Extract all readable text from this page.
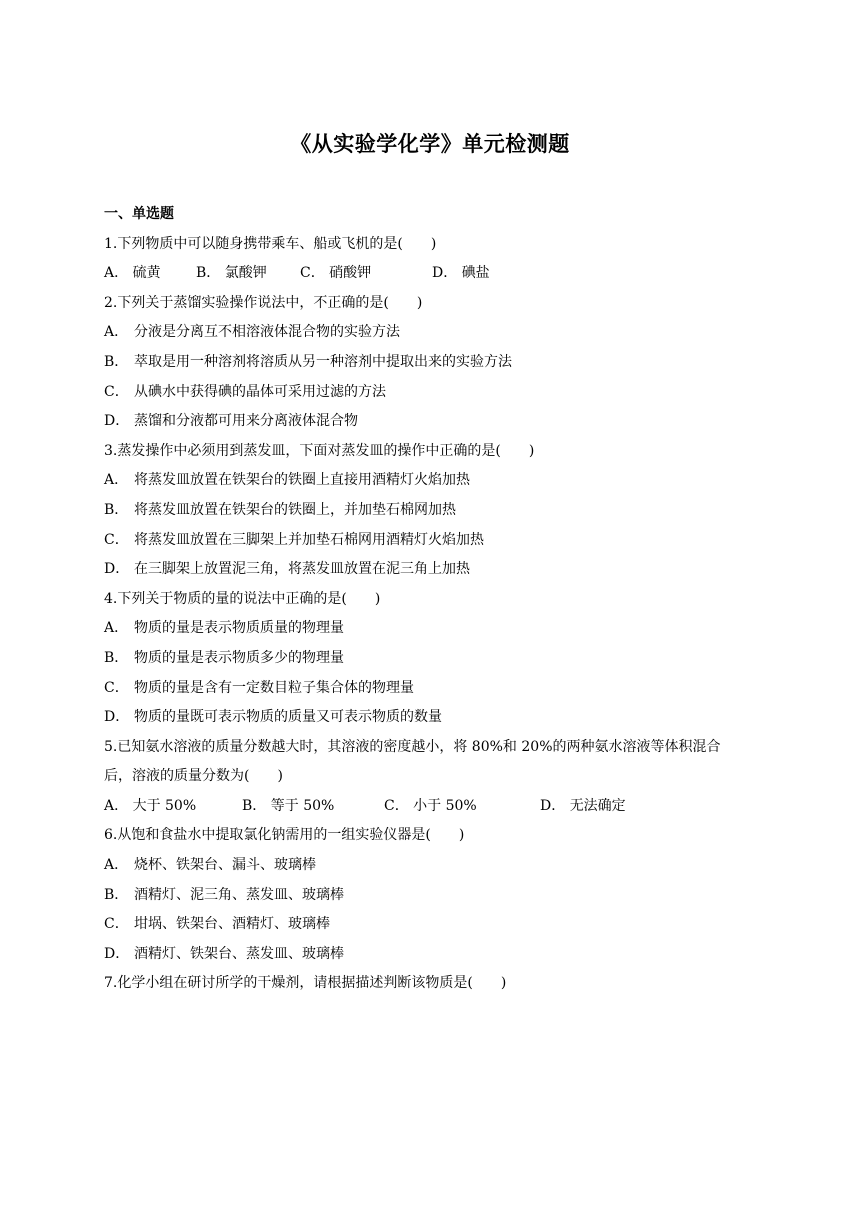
《从实验学化学》单元检测题
一、单选题
1.下列物质中可以随身携带乘车、船或飞机的是(　　)
A． 硫黄	B． 氯酸钾	C． 硝酸钾	D． 碘盐
2.下列关于蒸馏实验操作说法中，不正确的是(　　)
A． 分液是分离互不相溶液体混合物的实验方法
B． 萃取是用一种溶剂将溶质从另一种溶剂中提取出来的实验方法
C． 从碘水中获得碘的晶体可采用过滤的方法
D． 蒸馏和分液都可用来分离液体混合物
3.蒸发操作中必须用到蒸发皿，下面对蒸发皿的操作中正确的是(　　)
A． 将蒸发皿放置在铁架台的铁圈上直接用酒精灯火焰加热
B． 将蒸发皿放置在铁架台的铁圈上，并加垫石棉网加热
C． 将蒸发皿放置在三脚架上并加垫石棉网用酒精灯火焰加热
D． 在三脚架上放置泥三角，将蒸发皿放置在泥三角上加热
4.下列关于物质的量的说法中正确的是(　　)
A． 物质的量是表示物质质量的物理量
B． 物质的量是表示物质多少的物理量
C． 物质的量是含有一定数目粒子集合体的物理量
D． 物质的量既可表示物质的质量又可表示物质的数量
5.已知氨水溶液的质量分数越大时，其溶液的密度越小，将 80%和 20%的两种氨水溶液等体积混合
后，溶液的质量分数为(　　)
A． 大于 50%	B． 等于 50%	C． 小于 50%	D． 无法确定
6.从饱和食盐水中提取氯化钠需用的一组实验仪器是(　　)
A． 烧杯、铁架台、漏斗、玻璃棒
B． 酒精灯、泥三角、蒸发皿、玻璃棒
C． 坩埚、铁架台、酒精灯、玻璃棒
D． 酒精灯、铁架台、蒸发皿、玻璃棒
7.化学小组在研讨所学的干燥剂，请根据描述判断该物质是(　　)
